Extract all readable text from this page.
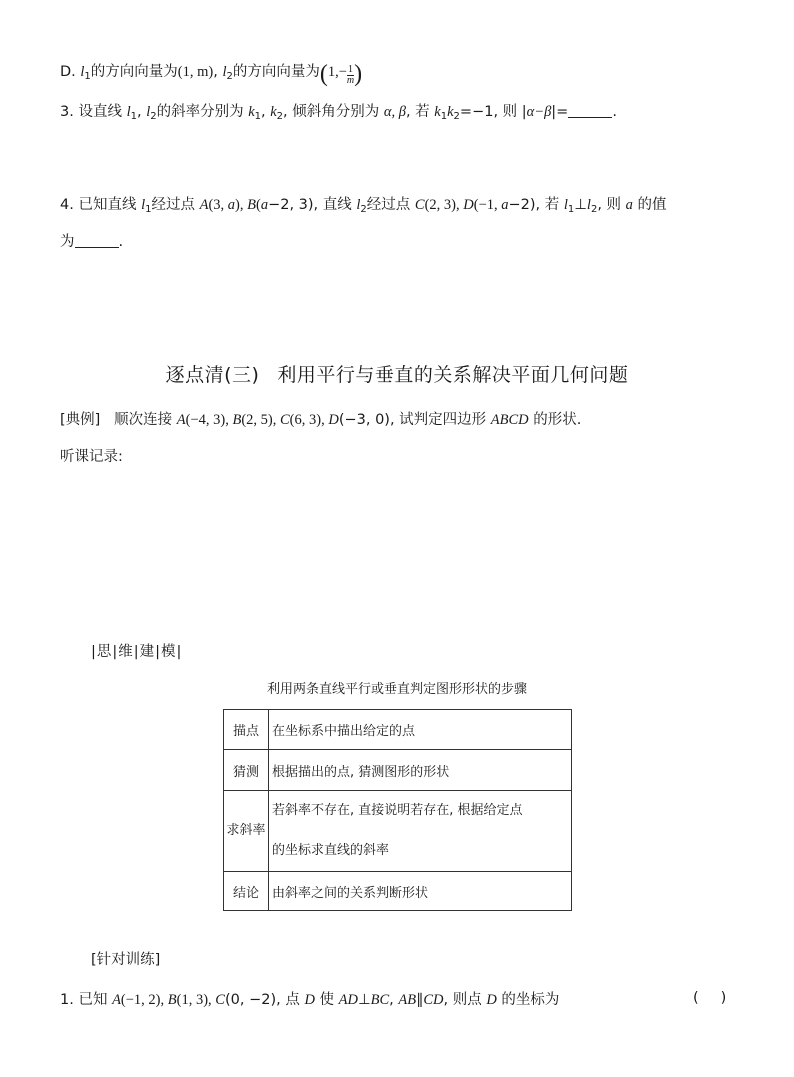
D. $l_1$的方向向量为(1, m), $l_2$的方向向量为($1,- \frac{1}{m}$ )
3. 设直线 $l_1$, $l_2$的斜率分别为 $k_1$, $k_2$, 倾斜角分别为 α, β, 若 $k_1k_2=-1$, 则 |α−β|=	.
4. 已知直线 $l_1$经过点 A(3, a), B(a−2, 3), 直线 $l_2$经过点 C(2, 3), D(−1, a−2), 若 $l_1\perp l_2$, 则 a 的值
为	.
逐点清(三) 利用平行与垂直的关系解决平面几何问题
[典例] 顺次连接 A(−4, 3), B(2, 5), C(6, 3), D(−3, 0), 试判定四边形 ABCD 的形状.
听课记录:
|思|维|建|模|
利用两条直线平行或垂直判定图形形状的步骤
描点	在坐标系中描出给定的点
猜测	根据描出的点, 猜测图形的形状
求斜率	若斜率不存在, 直接说明若存在, 根据给定点
的坐标求直线的斜率
结论	由斜率之间的关系判断形状
[针对训练]
1. 已知 A(−1, 2), B(1, 3), C(0, −2), 点 D 使 AD⊥BC, AB∥CD, 则点 D 的坐标为	( )
